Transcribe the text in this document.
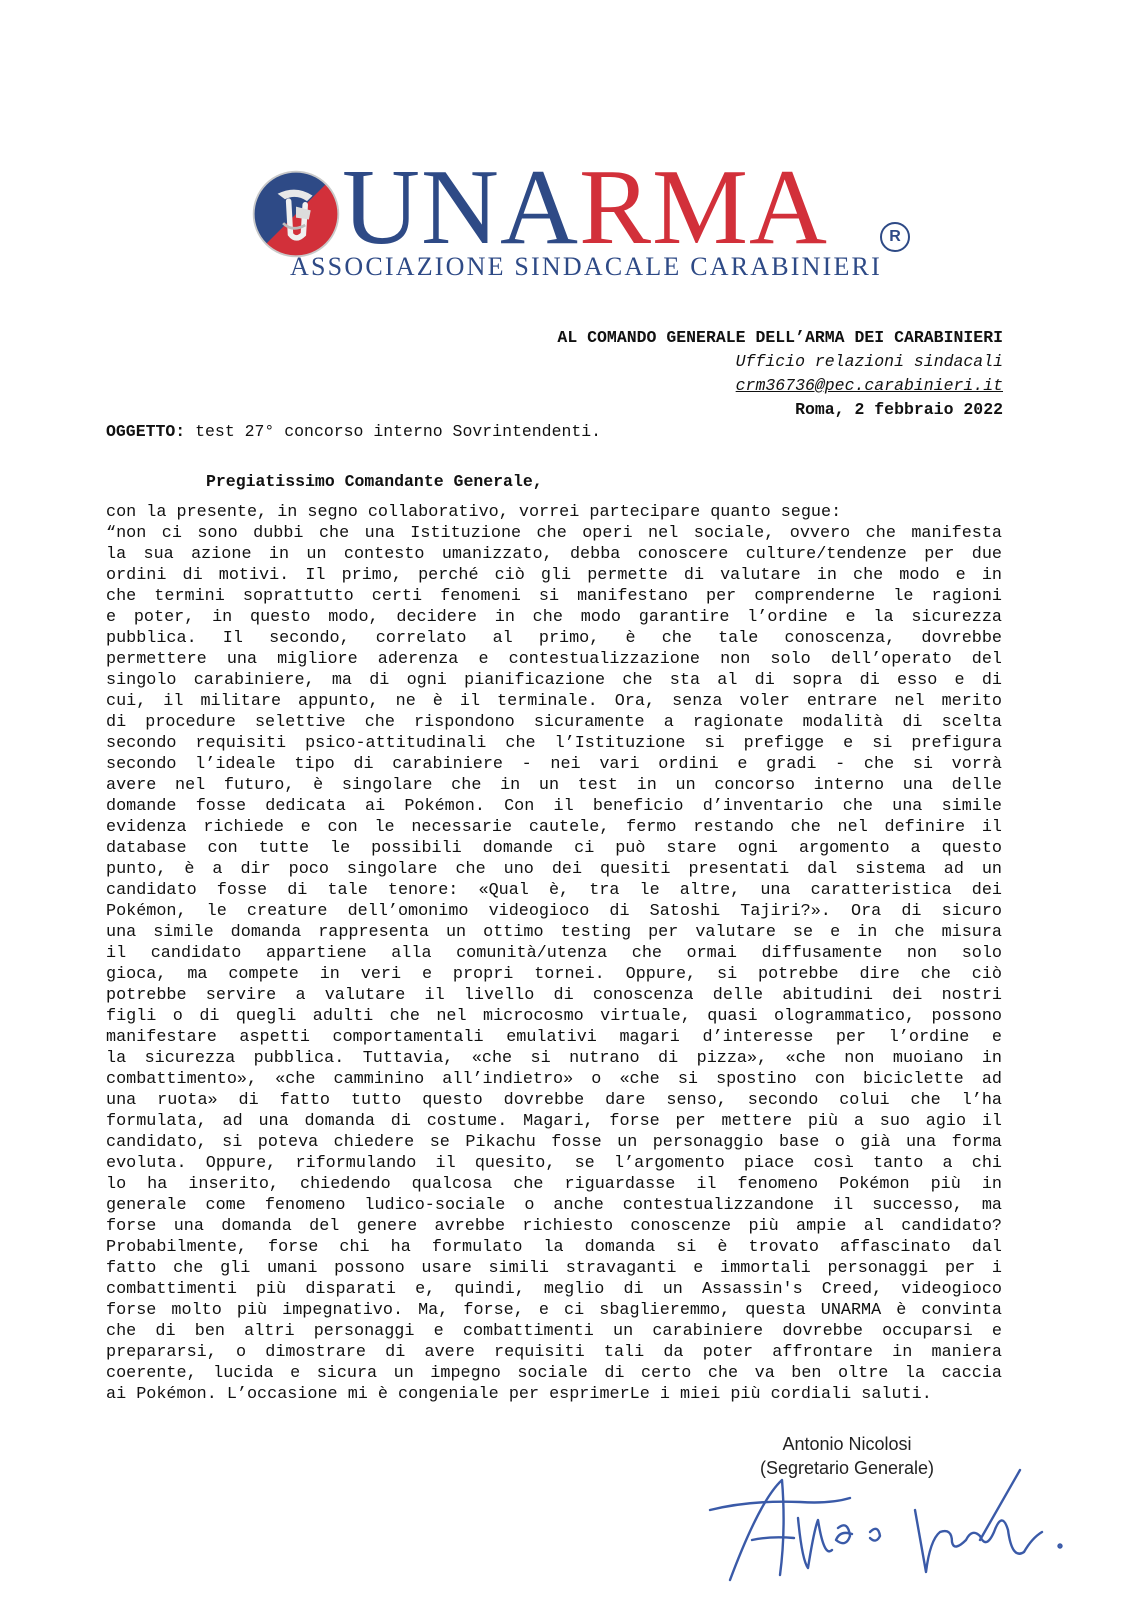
UNARMA	R
ASSOCIAZIONE SINDACALE CARABINIERI
AL COMANDO GENERALE DELL’ARMA DEI CARABINIERI
Ufficio relazioni sindacali
crm36736@pec.carabinieri.it
Roma, 2 febbraio 2022
OGGETTO: test 27° concorso interno Sovrintendenti.
Pregiatissimo Comandante Generale,
con la presente, in segno collaborativo, vorrei partecipare quanto segue:
“non ci sono dubbi che una Istituzione che operi nel sociale, ovvero che manifesta
la sua azione in un contesto umanizzato, debba conoscere culture/tendenze per due
ordini di motivi. Il primo, perché ciò gli permette di valutare in che modo e in
che termini soprattutto certi fenomeni si manifestano per comprenderne le ragioni
e poter, in questo modo, decidere in che modo garantire l’ordine e la sicurezza
pubblica. Il secondo, correlato al primo, è che tale conoscenza, dovrebbe
permettere una migliore aderenza e contestualizzazione non solo dell’operato del
singolo carabiniere, ma di ogni pianificazione che sta al di sopra di esso e di
cui, il militare appunto, ne è il terminale. Ora, senza voler entrare nel merito
di procedure selettive che rispondono sicuramente a ragionate modalità di scelta
secondo requisiti psico-attitudinali che l’Istituzione si prefigge e si prefigura
secondo l’ideale tipo di carabiniere - nei vari ordini e gradi - che si vorrà
avere nel futuro, è singolare che in un test in un concorso interno una delle
domande fosse dedicata ai Pokémon. Con il beneficio d’inventario che una simile
evidenza richiede e con le necessarie cautele, fermo restando che nel definire il
database con tutte le possibili domande ci può stare ogni argomento a questo
punto, è a dir poco singolare che uno dei quesiti presentati dal sistema ad un
candidato fosse di tale tenore: «Qual è, tra le altre, una caratteristica dei
Pokémon, le creature dell’omonimo videogioco di Satoshi Tajiri?». Ora di sicuro
una simile domanda rappresenta un ottimo testing per valutare se e in che misura
il candidato appartiene alla comunità/utenza che ormai diffusamente non solo
gioca, ma compete in veri e propri tornei. Oppure, si potrebbe dire che ciò
potrebbe servire a valutare il livello di conoscenza delle abitudini dei nostri
figli o di quegli adulti che nel microcosmo virtuale, quasi ologrammatico, possono
manifestare aspetti comportamentali emulativi magari d’interesse per l’ordine e
la sicurezza pubblica. Tuttavia, «che si nutrano di pizza», «che non muoiano in
combattimento», «che camminino all’indietro» o «che si spostino con biciclette ad
una ruota» di fatto tutto questo dovrebbe dare senso, secondo colui che l’ha
formulata, ad una domanda di costume. Magari, forse per mettere più a suo agio il
candidato, si poteva chiedere se Pikachu fosse un personaggio base o già una forma
evoluta. Oppure, riformulando il quesito, se l’argomento piace così tanto a chi
lo ha inserito, chiedendo qualcosa che riguardasse il fenomeno Pokémon più in
generale come fenomeno ludico-sociale o anche contestualizzandone il successo, ma
forse una domanda del genere avrebbe richiesto conoscenze più ampie al candidato?
Probabilmente, forse chi ha formulato la domanda si è trovato affascinato dal
fatto che gli umani possono usare simili stravaganti e immortali personaggi per i
combattimenti più disparati e, quindi, meglio di un Assassin's Creed, videogioco
forse molto più impegnativo. Ma, forse, e ci sbaglieremmo, questa UNARMA è convinta
che di ben altri personaggi e combattimenti un carabiniere dovrebbe occuparsi e
prepararsi, o dimostrare di avere requisiti tali da poter affrontare in maniera
coerente, lucida e sicura un impegno sociale di certo che va ben oltre la caccia
ai Pokémon. L’occasione mi è congeniale per esprimerLe i miei più cordiali saluti.
Antonio Nicolosi
(Segretario Generale)
